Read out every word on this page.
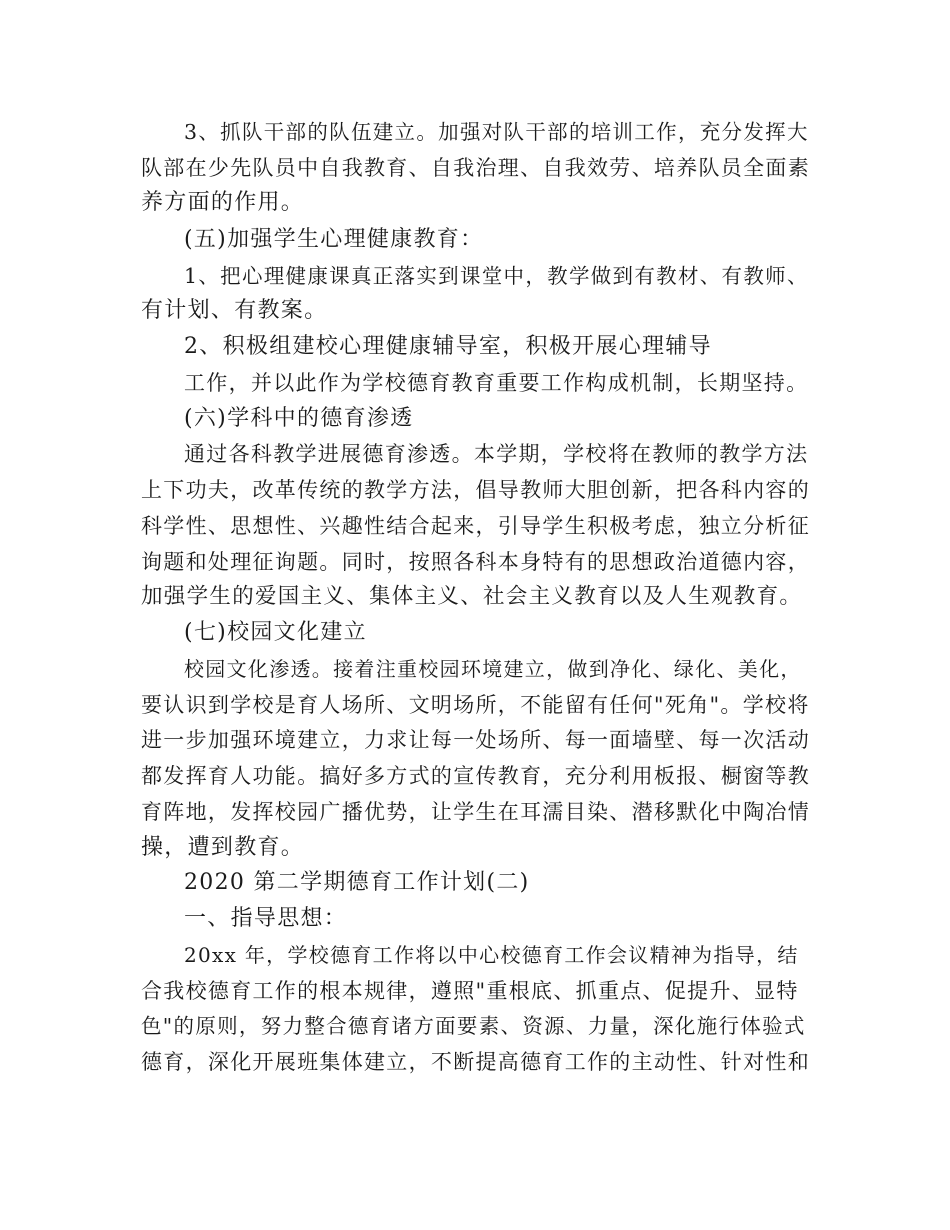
3、抓队干部的队伍建立。加强对队干部的培训工作，充分发挥大
队部在少先队员中自我教育、自我治理、自我效劳、培养队员全面素
养方面的作用。
(五)加强学生心理健康教育：
1、把心理健康课真正落实到课堂中，教学做到有教材、有教师、
有计划、有教案。
2、积极组建校心理健康辅导室，积极开展心理辅导
工作，并以此作为学校德育教育重要工作构成机制，长期坚持。
(六)学科中的德育渗透
通过各科教学进展德育渗透。本学期，学校将在教师的教学方法
上下功夫，改革传统的教学方法，倡导教师大胆创新，把各科内容的
科学性、思想性、兴趣性结合起来，引导学生积极考虑，独立分析征
询题和处理征询题。同时，按照各科本身特有的思想政治道德内容，
加强学生的爱国主义、集体主义、社会主义教育以及人生观教育。
(七)校园文化建立
校园文化渗透。接着注重校园环境建立，做到净化、绿化、美化，
要认识到学校是育人场所、文明场所，不能留有任何"死角"。学校将
进一步加强环境建立，力求让每一处场所、每一面墙壁、每一次活动
都发挥育人功能。搞好多方式的宣传教育，充分利用板报、橱窗等教
育阵地，发挥校园广播优势，让学生在耳濡目染、潜移默化中陶冶情
操，遭到教育。
2020 第二学期德育工作计划(二)
一、指导思想：
20xx 年，学校德育工作将以中心校德育工作会议精神为指导，结
合我校德育工作的根本规律，遵照"重根底、抓重点、促提升、显特
色"的原则，努力整合德育诸方面要素、资源、力量，深化施行体验式
德育，深化开展班集体建立，不断提高德育工作的主动性、针对性和
